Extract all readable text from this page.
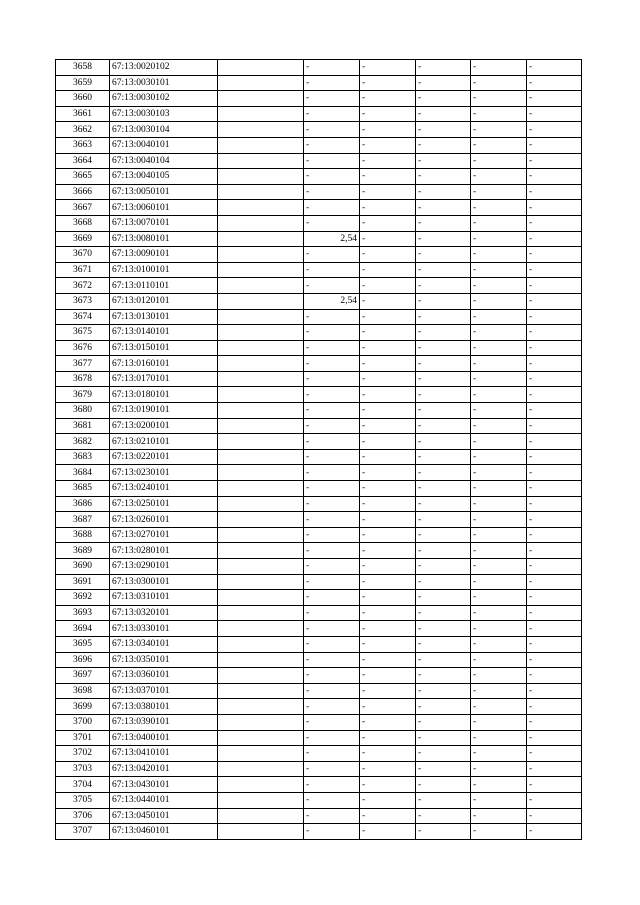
3658	67:13:0020102		-	-	-	-	-
3659	67:13:0030101		-	-	-	-	-
3660	67:13:0030102		-	-	-	-	-
3661	67:13:0030103		-	-	-	-	-
3662	67:13:0030104		-	-	-	-	-
3663	67:13:0040101		-	-	-	-	-
3664	67:13:0040104		-	-	-	-	-
3665	67:13:0040105		-	-	-	-	-
3666	67:13:0050101		-	-	-	-	-
3667	67:13:0060101		-	-	-	-	-
3668	67:13:0070101		-	-	-	-	-
3669	67:13:0080101		2,54	-	-	-	-
3670	67:13:0090101		-	-	-	-	-
3671	67:13:0100101		-	-	-	-	-
3672	67:13:0110101		-	-	-	-	-
3673	67:13:0120101		2,54	-	-	-	-
3674	67:13:0130101		-	-	-	-	-
3675	67:13:0140101		-	-	-	-	-
3676	67:13:0150101		-	-	-	-	-
3677	67:13:0160101		-	-	-	-	-
3678	67:13:0170101		-	-	-	-	-
3679	67:13:0180101		-	-	-	-	-
3680	67:13:0190101		-	-	-	-	-
3681	67:13:0200101		-	-	-	-	-
3682	67:13:0210101		-	-	-	-	-
3683	67:13:0220101		-	-	-	-	-
3684	67:13:0230101		-	-	-	-	-
3685	67:13:0240101		-	-	-	-	-
3686	67:13:0250101		-	-	-	-	-
3687	67:13:0260101		-	-	-	-	-
3688	67:13:0270101		-	-	-	-	-
3689	67:13:0280101		-	-	-	-	-
3690	67:13:0290101		-	-	-	-	-
3691	67:13:0300101		-	-	-	-	-
3692	67:13:0310101		-	-	-	-	-
3693	67:13:0320101		-	-	-	-	-
3694	67:13:0330101		-	-	-	-	-
3695	67:13:0340101		-	-	-	-	-
3696	67:13:0350101		-	-	-	-	-
3697	67:13:0360101		-	-	-	-	-
3698	67:13:0370101		-	-	-	-	-
3699	67:13:0380101		-	-	-	-	-
3700	67:13:0390101		-	-	-	-	-
3701	67:13:0400101		-	-	-	-	-
3702	67:13:0410101		-	-	-	-	-
3703	67:13:0420101		-	-	-	-	-
3704	67:13:0430101		-	-	-	-	-
3705	67:13:0440101		-	-	-	-	-
3706	67:13:0450101		-	-	-	-	-
3707	67:13:0460101		-	-	-	-	-
